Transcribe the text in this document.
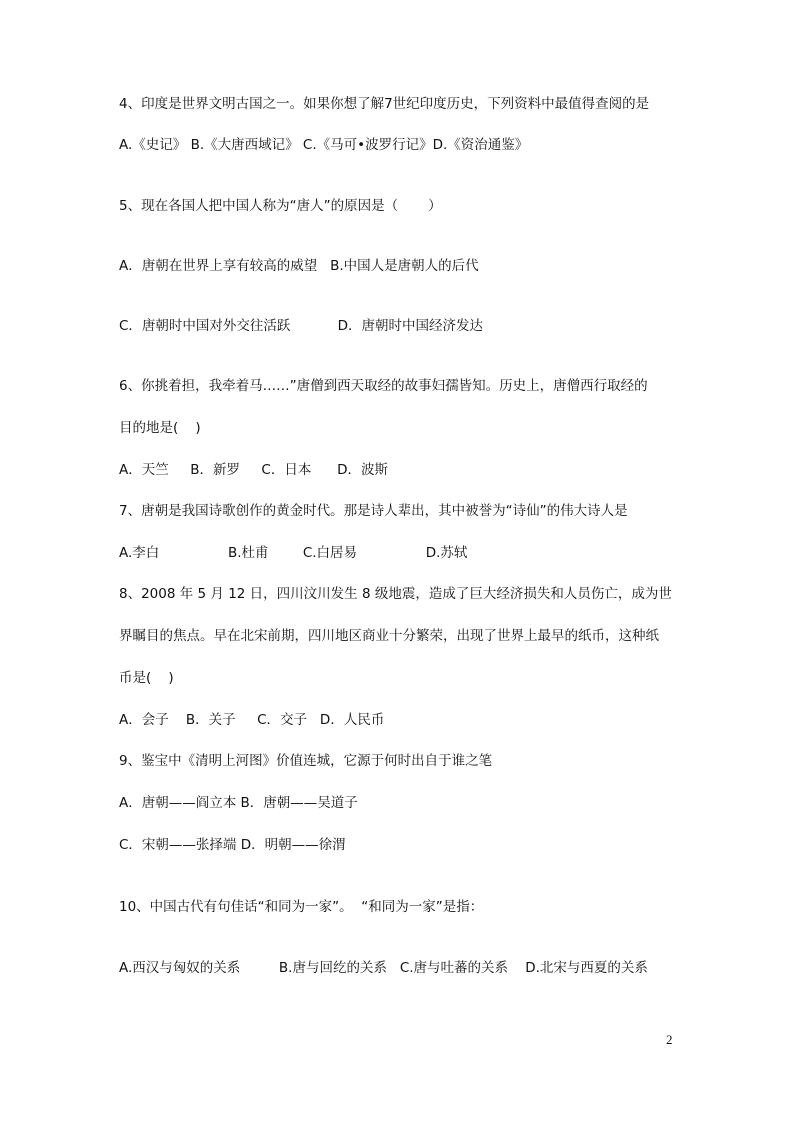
4、印度是世界文明古国之一。如果你想了解7世纪印度历史，下列资料中最值得查阅的是
A.《史记》 B.《大唐西域记》 C.《马可•波罗行记》D.《资治通鉴》
5、现在各国人把中国人称为“唐人”的原因是（       ）
A．唐朝在世界上享有较高的威望   B.中国人是唐朝人的后代
C．唐朝时中国对外交往活跃           D．唐朝时中国经济发达
6、你挑着担，我牵着马……”唐僧到西天取经的故事妇孺皆知。历史上，唐僧西行取经的
目的地是(    )
A．天竺     B．新罗     C．日本      D．波斯
7、唐朝是我国诗歌创作的黄金时代。那是诗人辈出，其中被誉为“诗仙”的伟大诗人是
A.李白                B.杜甫        C.白居易                D.苏轼
8、2008 年 5 月 12 日，四川汶川发生 8 级地震，造成了巨大经济损失和人员伤亡，成为世
界瞩目的焦点。早在北宋前期，四川地区商业十分繁荣，出现了世界上最早的纸币，这种纸
币是(    )
A．会子    B．关子     C．交子   D．人民币
9、鉴宝中《清明上河图》价值连城，它源于何时出自于谁之笔
A．唐朝——阎立本 B．唐朝——吴道子
C．宋朝——张择端 D．明朝——徐渭
10、中国古代有句佳话“和同为一家”。  “和同为一家”是指：
A.西汉与匈奴的关系         B.唐与回纥的关系   C.唐与吐蕃的关系    D.北宋与西夏的关系
2
